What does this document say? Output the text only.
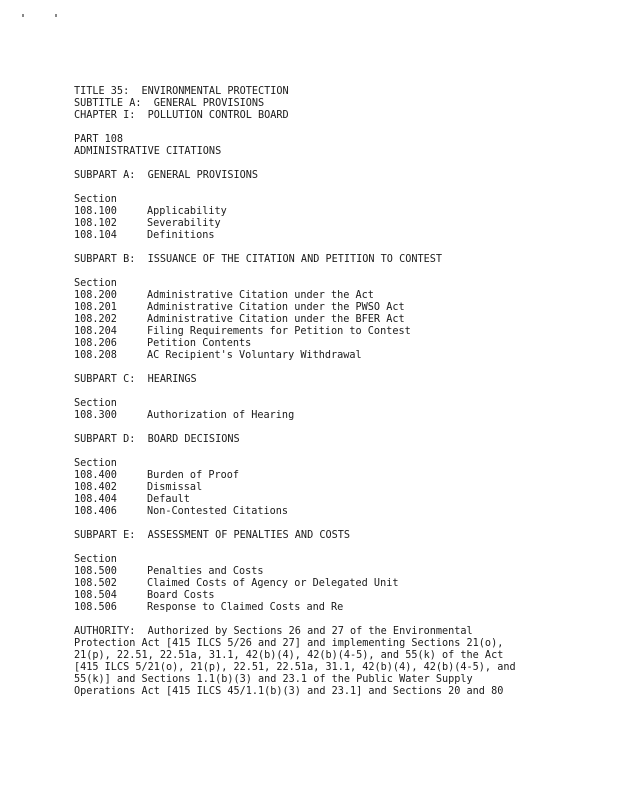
TITLE 35:  ENVIRONMENTAL PROTECTION
SUBTITLE A:  GENERAL PROVISIONS
CHAPTER I:  POLLUTION CONTROL BOARD
PART 108
ADMINISTRATIVE CITATIONS
SUBPART A:  GENERAL PROVISIONS
Section
108.100	Applicability
108.102	Severability
108.104	Definitions
SUBPART B:  ISSUANCE OF THE CITATION AND PETITION TO CONTEST
Section
108.200	Administrative Citation under the Act
108.201	Administrative Citation under the PWSO Act
108.202	Administrative Citation under the BFER Act
108.204	Filing Requirements for Petition to Contest
108.206	Petition Contents
108.208	AC Recipient's Voluntary Withdrawal
SUBPART C:  HEARINGS
Section
108.300	Authorization of Hearing
SUBPART D:  BOARD DECISIONS
Section
108.400	Burden of Proof
108.402	Dismissal
108.404	Default
108.406	Non-Contested Citations
SUBPART E:  ASSESSMENT OF PENALTIES AND COSTS
Section
108.500	Penalties and Costs
108.502	Claimed Costs of Agency or Delegated Unit
108.504	Board Costs
108.506	Response to Claimed Costs and Re
AUTHORITY:  Authorized by Sections 26 and 27 of the Environmental
Protection Act [415 ILCS 5/26 and 27] and implementing Sections 21(o),
21(p), 22.51, 22.51a, 31.1, 42(b)(4), 42(b)(4-5), and 55(k) of the Act
[415 ILCS 5/21(o), 21(p), 22.51, 22.51a, 31.1, 42(b)(4), 42(b)(4-5), and
55(k)] and Sections 1.1(b)(3) and 23.1 of the Public Water Supply
Operations Act [415 ILCS 45/1.1(b)(3) and 23.1] and Sections 20 and 80
